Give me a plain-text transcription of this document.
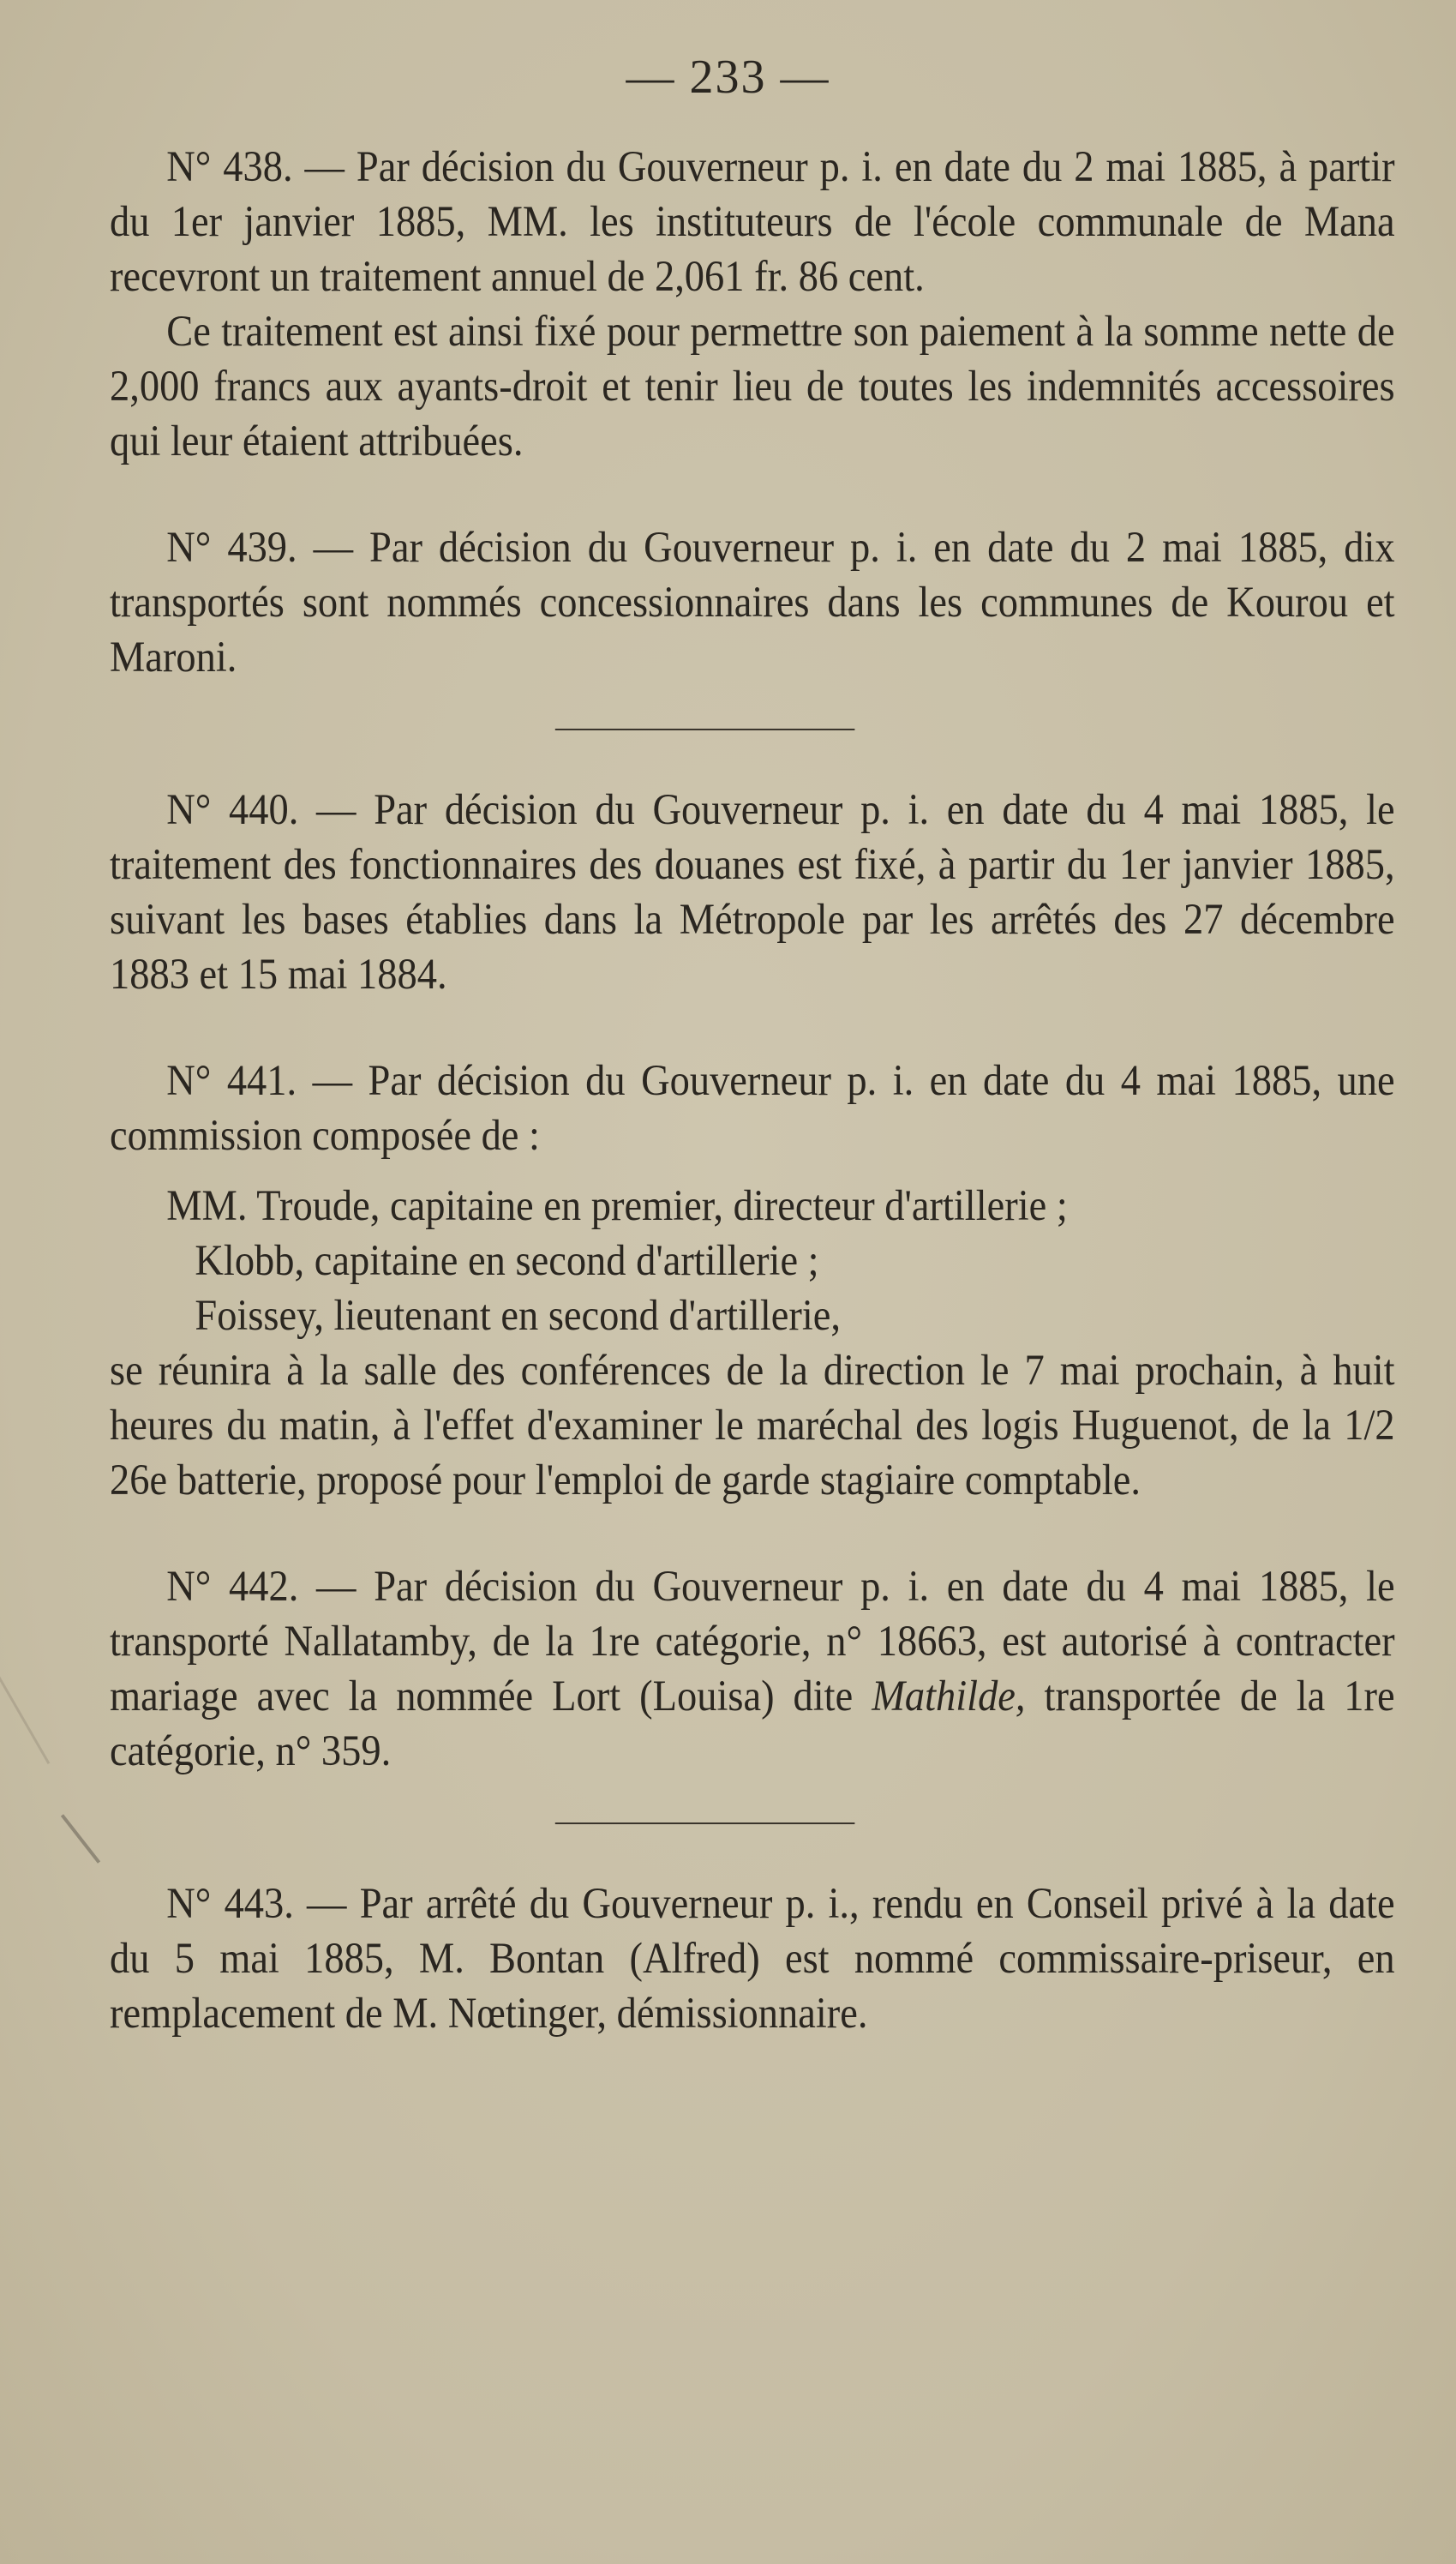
— 233 —

N° 438. — Par décision du Gouverneur p. i. en date du 2 mai 1885, à partir du 1er janvier 1885, MM. les instituteurs de l'école communale de Mana recevront un traitement annuel de 2,061 fr. 86 cent.

Ce traitement est ainsi fixé pour permettre son paiement à la somme nette de 2,000 francs aux ayants-droit et tenir lieu de toutes les indemnités accessoires qui leur étaient attribuées.

N° 439. — Par décision du Gouverneur p. i. en date du 2 mai 1885, dix transportés sont nommés concessionnaires dans les communes de Kourou et Maroni.

N° 440. — Par décision du Gouverneur p. i. en date du 4 mai 1885, le traitement des fonctionnaires des douanes est fixé, à partir du 1er janvier 1885, suivant les bases établies dans la Métropole par les arrêtés des 27 décembre 1883 et 15 mai 1884.

N° 441. — Par décision du Gouverneur p. i. en date du 4 mai 1885, une commission composée de :

MM. Troude, capitaine en premier, directeur d'artillerie ;

Klobb, capitaine en second d'artillerie ;

Foissey, lieutenant en second d'artillerie,

se réunira à la salle des conférences de la direction le 7 mai prochain, à huit heures du matin, à l'effet d'examiner le maréchal des logis Huguenot, de la 1/2 26e batterie, proposé pour l'emploi de garde stagiaire comptable.

N° 442. — Par décision du Gouverneur p. i. en date du 4 mai 1885, le transporté Nallatamby, de la 1re catégorie, n° 18663, est autorisé à contracter mariage avec la nommée Lort (Louisa) dite Mathilde, transportée de la 1re catégorie, n° 359.

N° 443. — Par arrêté du Gouverneur p. i., rendu en Conseil privé à la date du 5 mai 1885, M. Bontan (Alfred) est nommé commissaire-priseur, en remplacement de M. Nœtinger, démissionnaire.
